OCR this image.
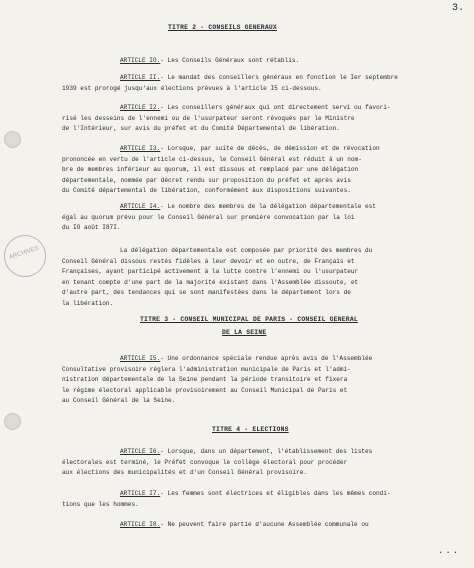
ARCHIVES
3.
TITRE 2 - CONSEILS GENERAUX
ARTICLE IO.- Les Conseils Généraux sont rétablis.
ARTICLE II.- Le mandat des conseillers généraux en fonction le Ier septembre
1939 est prorogé jusqu'aux élections prévues à l'article I5 ci-dessous.
ARTICLE I2.- Les conseillers généraux qui ont directement servi ou favori-
risé les desseins de l'ennemi ou de l'usurpateur seront révoqués par le Ministre
de l'Intérieur, sur avis du préfet et du Comité Départemental de libération.
ARTICLE I3.- Lorsque, par suite de décès, de démission et de révocation
prononcée en vertu de l'article ci-dessus, le Conseil Général est réduit à un nom-
bre de membres inférieur au quorum, il est dissous et remplacé par une délégation
départementale, nommée par décret rendu sur proposition du préfet et après avis
du Comité départemental de libération, conformément aux dispositions suivantes.
ARTICLE I4.- Le nombre des membres de la délégation départementale est
égal au quorum prévu pour le Conseil Général sur première convocation par la loi
du IO août I87I.
La délégation départementale est composée par priorité des membres du
Conseil Général dissous restés fidèles à leur devoir et en outre, de Français et
Françaises, ayant participé activement à la lutte contre l'ennemi ou l'usurpateur
en tenant compte d'une part de la majorité existant dans l'Assemblée dissoute, et
d'autre part, des tendances qui se sont manifestées dans le département lors de
la libération.
TITRE 3 - CONSEIL MUNICIPAL DE PARIS - CONSEIL GENERAL
DE LA SEINE
ARTICLE I5.- Une ordonnance spéciale rendue après avis de l'Assemblée
Consultative provisoire réglera l'administration municipale de Paris et l'admi-
nistration départementale de la Seine pendant la période transitoire et fixera
le régime électoral applicable provisoirement au Conseil Municipal de Paris et
au Conseil Général de la Seine.
TITRE 4 - ELECTIONS
ARTICLE I6.- Lorsque, dans un département, l'établissement des listes
électorales est terminé, le Préfet convoque le collège électoral pour procéder
aux élections des municipalités et d'un Conseil Général provisoire.
ARTICLE I7.- Les femmes sont électrices et éligibles dans les mêmes condi-
tions que les hommes.
ARTICLE I8.- Ne peuvent faire partie d'aucune Assemblée communale ou
...
